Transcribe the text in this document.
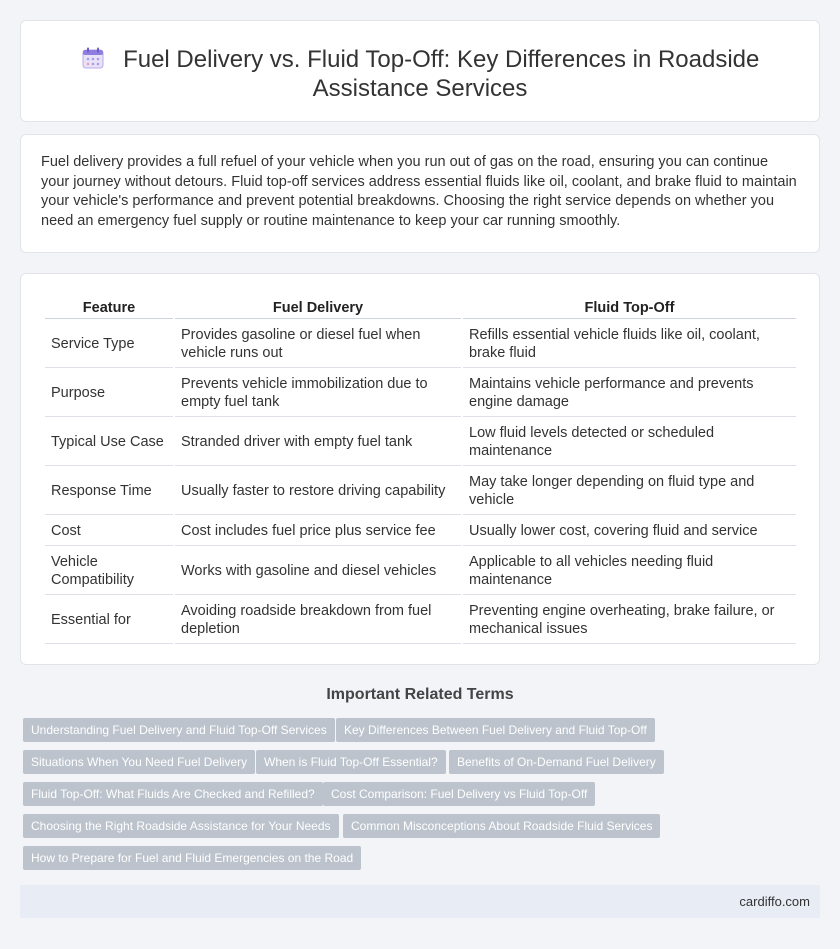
Fuel Delivery vs. Fluid Top-Off: Key Differences in Roadside Assistance Services

Fuel delivery provides a full refuel of your vehicle when you run out of gas on the road, ensuring you can continue your journey without detours. Fluid top-off services address essential fluids like oil, coolant, and brake fluid to maintain your vehicle's performance and prevent potential breakdowns. Choosing the right service depends on whether you need an emergency fuel supply or routine maintenance to keep your car running smoothly.

Feature	Fuel Delivery	Fluid Top-Off
Service Type	Provides gasoline or diesel fuel when vehicle runs out	Refills essential vehicle fluids like oil, coolant, brake fluid
Purpose	Prevents vehicle immobilization due to empty fuel tank	Maintains vehicle performance and prevents engine damage
Typical Use Case	Stranded driver with empty fuel tank	Low fluid levels detected or scheduled maintenance
Response Time	Usually faster to restore driving capability	May take longer depending on fluid type and vehicle
Cost	Cost includes fuel price plus service fee	Usually lower cost, covering fluid and service
Vehicle Compatibility	Works with gasoline and diesel vehicles	Applicable to all vehicles needing fluid maintenance
Essential for	Avoiding roadside breakdown from fuel depletion	Preventing engine overheating, brake failure, or mechanical issues
Important Related Terms
Understanding Fuel Delivery and Fluid Top-Off Services	Key Differences Between Fuel Delivery and Fluid Top-Off
Situations When You Need Fuel Delivery	When is Fluid Top-Off Essential?	Benefits of On-Demand Fuel Delivery
Fluid Top-Off: What Fluids Are Checked and Refilled?	Cost Comparison: Fuel Delivery vs Fluid Top-Off
Choosing the Right Roadside Assistance for Your Needs	Common Misconceptions About Roadside Fluid Services
How to Prepare for Fuel and Fluid Emergencies on the Road
cardiffo.com
